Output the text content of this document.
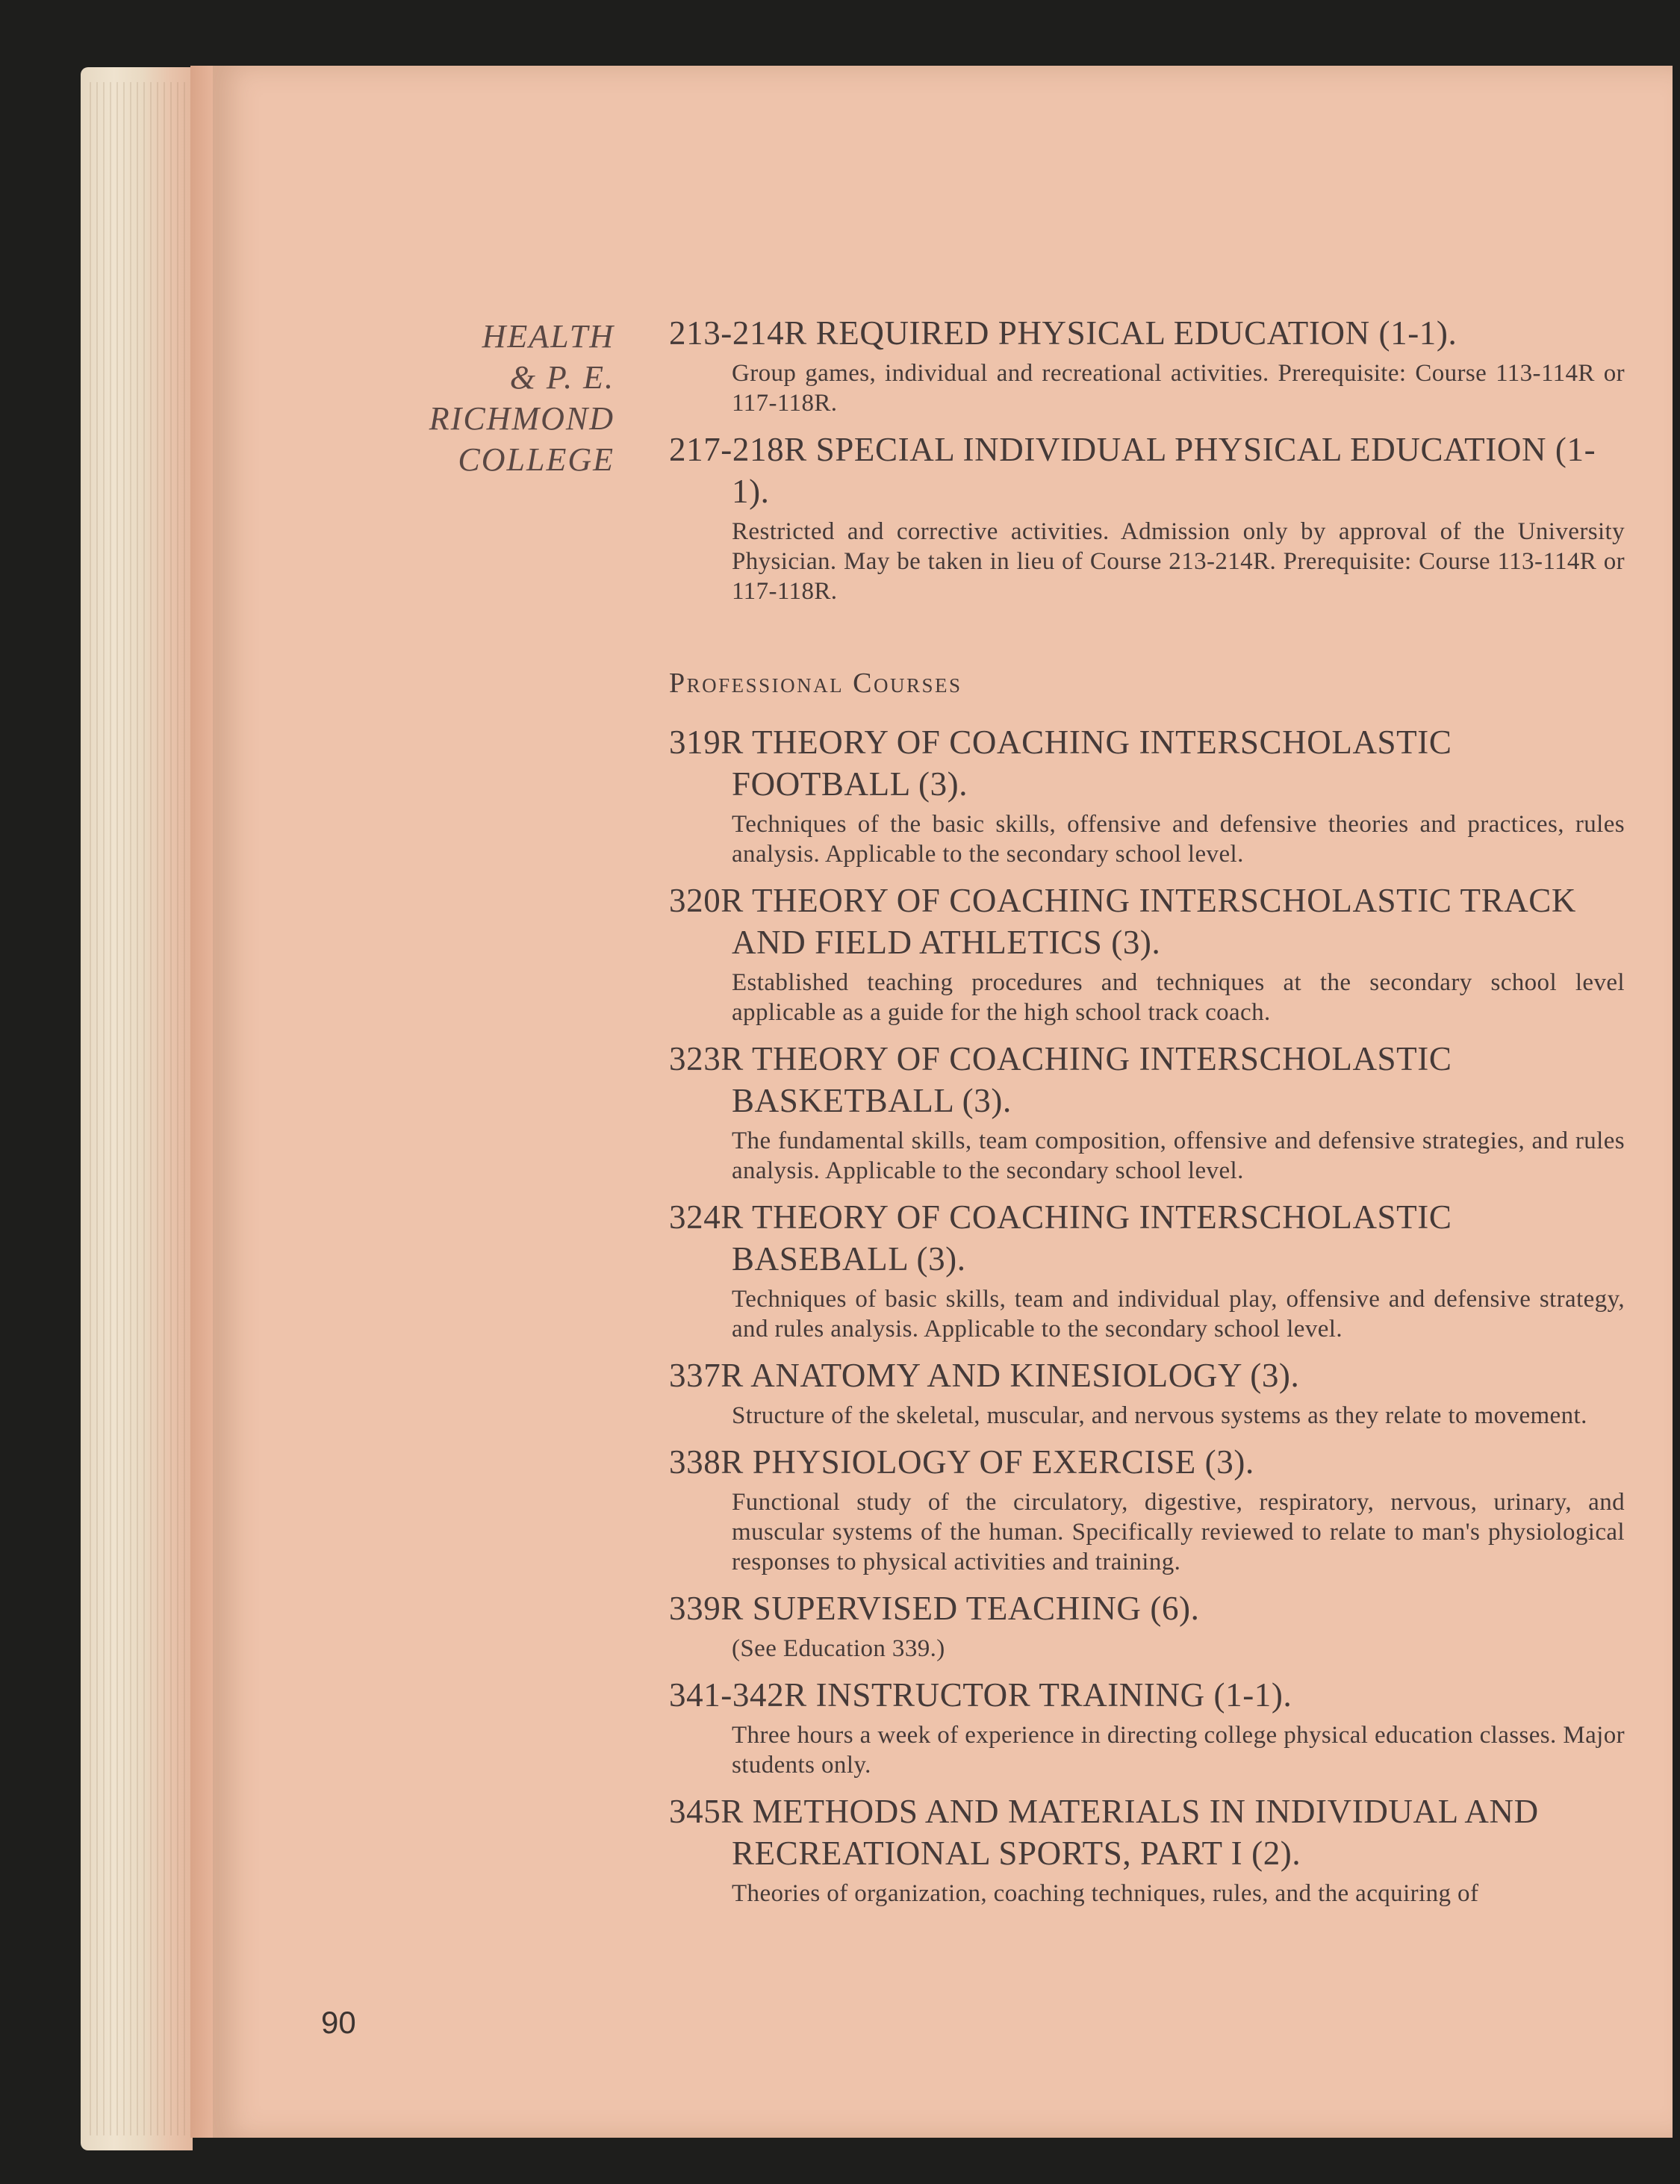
HEALTH
& P. E.
RICHMOND
COLLEGE
213-214R REQUIRED PHYSICAL EDUCATION (1-1).
Group games, individual and recreational activities. Prerequisite: Course 113-114R or 117-118R.
217-218R SPECIAL INDIVIDUAL PHYSICAL EDUCATION (1-1).
Restricted and corrective activities. Admission only by approval of the University Physician. May be taken in lieu of Course 213-214R. Prerequisite: Course 113-114R or 117-118R.
Professional Courses
319R THEORY OF COACHING INTERSCHOLASTIC FOOTBALL (3).
Techniques of the basic skills, offensive and defensive theories and practices, rules analysis. Applicable to the secondary school level.
320R THEORY OF COACHING INTERSCHOLASTIC TRACK AND FIELD ATHLETICS (3).
Established teaching procedures and techniques at the secondary school level applicable as a guide for the high school track coach.
323R THEORY OF COACHING INTERSCHOLASTIC BASKETBALL (3).
The fundamental skills, team composition, offensive and defensive strategies, and rules analysis. Applicable to the secondary school level.
324R THEORY OF COACHING INTERSCHOLASTIC BASEBALL (3).
Techniques of basic skills, team and individual play, offensive and defensive strategy, and rules analysis. Applicable to the secondary school level.
337R ANATOMY AND KINESIOLOGY (3).
Structure of the skeletal, muscular, and nervous systems as they relate to movement.
338R PHYSIOLOGY OF EXERCISE (3).
Functional study of the circulatory, digestive, respiratory, nervous, urinary, and muscular systems of the human. Specifically reviewed to relate to man's physiological responses to physical activities and training.
339R SUPERVISED TEACHING (6).
(See Education 339.)
341-342R INSTRUCTOR TRAINING (1-1).
Three hours a week of experience in directing college physical education classes. Major students only.
345R METHODS AND MATERIALS IN INDIVIDUAL AND RECREATIONAL SPORTS, PART I (2).
Theories of organization, coaching techniques, rules, and the acquiring of
90
